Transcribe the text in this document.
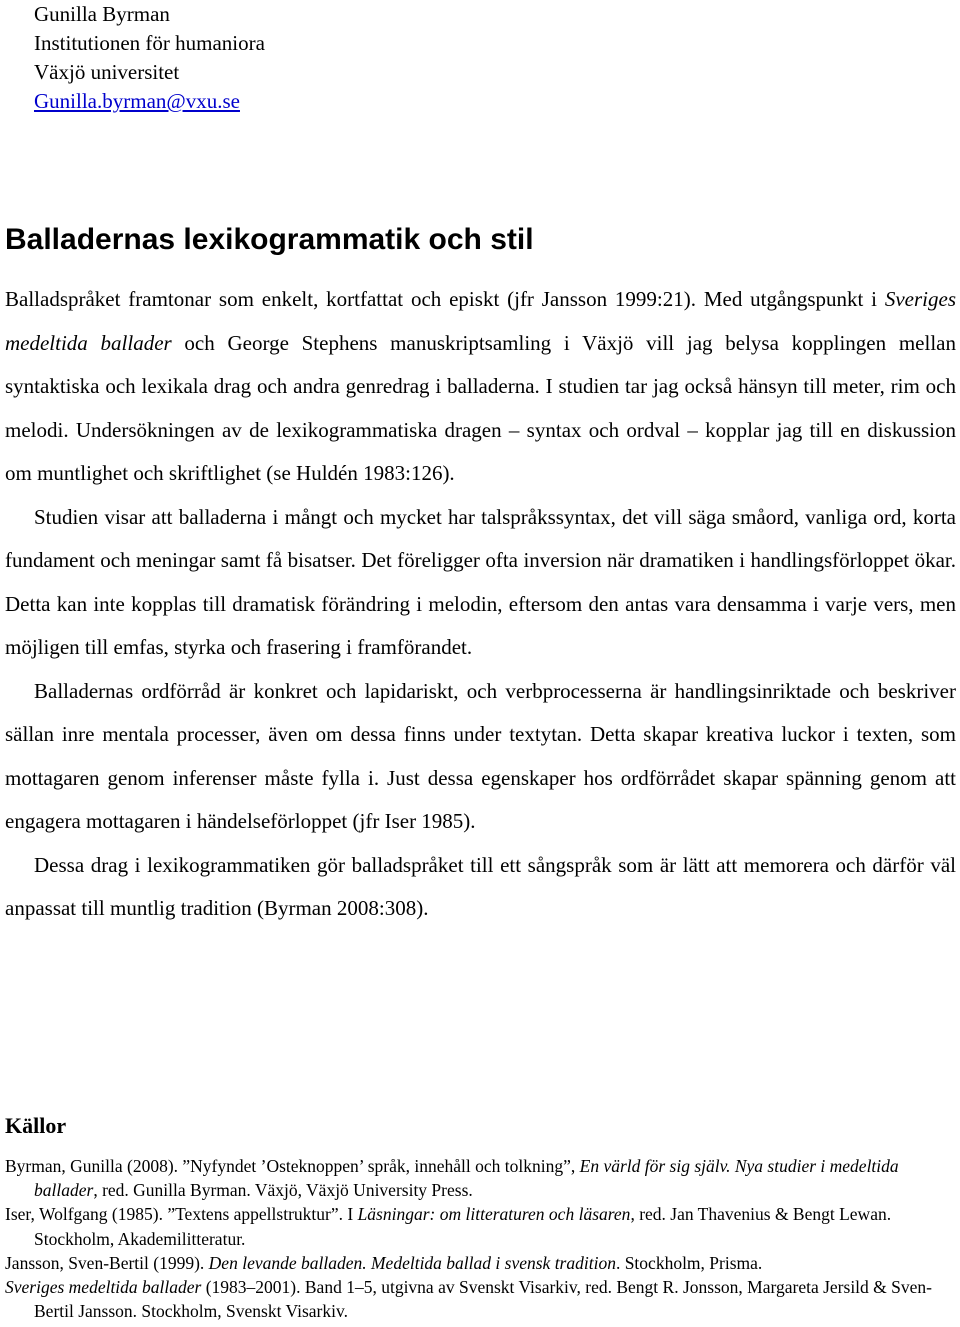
Gunilla Byrman
Institutionen för humaniora
Växjö universitet
Gunilla.byrman@vxu.se
Balladernas lexikogrammatik och stil

Balladspråket framtonar som enkelt, kortfattat och episkt (jfr Jansson 1999:21). Med utgångspunkt i Sveriges medeltida ballader och George Stephens manuskriptsamling i Växjö vill jag belysa kopplingen mellan syntaktiska och lexikala drag och andra genredrag i balladerna. I studien tar jag också hänsyn till meter, rim och melodi. Undersökningen av de lexikogrammatiska dragen – syntax och ordval – kopplar jag till en diskussion om muntlighet och skriftlighet (se Huldén 1983:126).

Studien visar att balladerna i mångt och mycket har talspråkssyntax, det vill säga småord, vanliga ord, korta fundament och meningar samt få bisatser. Det föreligger ofta inversion när dramatiken i handlingsförloppet ökar. Detta kan inte kopplas till dramatisk förändring i melodin, eftersom den antas vara densamma i varje vers, men möjligen till emfas, styrka och frasering i framförandet.

Balladernas ordförråd är konkret och lapidariskt, och verbprocesserna är handlingsinriktade och beskriver sällan inre mentala processer, även om dessa finns under textytan. Detta skapar kreativa luckor i texten, som mottagaren genom inferenser måste fylla i. Just dessa egenskaper hos ordförrådet skapar spänning genom att engagera mottagaren i händelseförloppet (jfr Iser 1985).

Dessa drag i lexikogrammatiken gör balladspråket till ett sångspråk som är lätt att memorera och därför väl anpassat till muntlig tradition (Byrman 2008:308).

Källor
Byrman, Gunilla (2008). ”Nyfyndet ’Osteknoppen’ språk, innehåll och tolkning”, En värld för sig själv. Nya studier i medeltida ballader, red. Gunilla Byrman. Växjö, Växjö University Press.
Iser, Wolfgang (1985). ”Textens appellstruktur”. I Läsningar: om litteraturen och läsaren, red. Jan Thavenius & Bengt Lewan. Stockholm, Akademilitteratur.
Jansson, Sven-Bertil (1999). Den levande balladen. Medeltida ballad i svensk tradition. Stockholm, Prisma.
Sveriges medeltida ballader (1983–2001). Band 1–5, utgivna av Svenskt Visarkiv, red. Bengt R. Jonsson, Margareta Jersild & Sven-Bertil Jansson. Stockholm, Svenskt Visarkiv.
